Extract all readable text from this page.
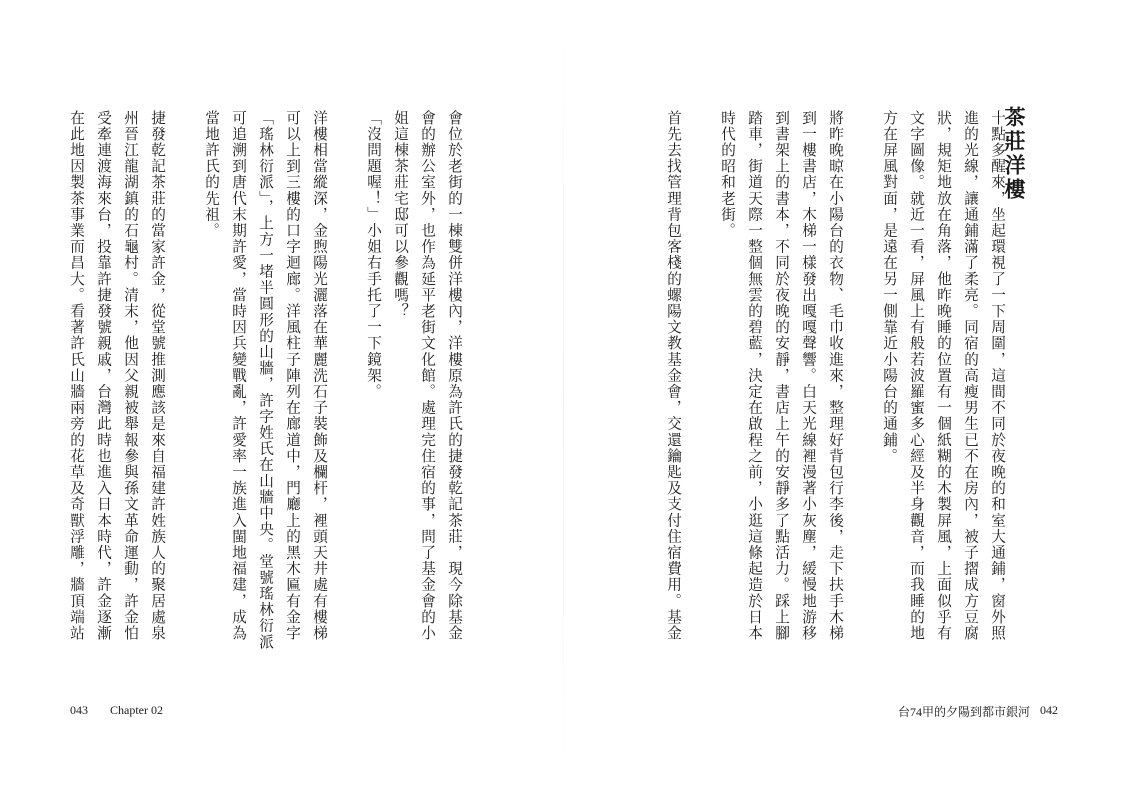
茶莊洋樓
十點多醒來，坐起環視了一下周圍，這間不同於夜晚的和室大通鋪，窗外照
進的光線，讓通鋪滿了柔亮。同宿的高瘦男生已不在房內，被子摺成方豆腐
狀，規矩地放在角落，他昨晚睡的位置有一個紙糊的木製屏風，上面似乎有
文字圖像。就近一看，屏風上有般若波羅蜜多心經及半身觀音，而我睡的地
方在屏風對面，是遠在另一側靠近小陽台的通鋪。
將昨晚晾在小陽台的衣物、毛巾收進來，整理好背包行李後，走下扶手木梯
到一樓書店，木梯一樣發出嘎嘎聲響。白天光線裡漫著小灰塵，緩慢地游移
到書架上的書本，不同於夜晚的安靜，書店上午的安靜多了點活力。踩上腳
踏車，街道天際一整個無雲的碧藍，決定在啟程之前，小逛這條起造於日本
時代的昭和老街。
首先去找管理背包客棧的螺陽文教基金會，交還鑰匙及支付住宿費用。基金
會位於老街的一棟雙併洋樓內，洋樓原為許氏的捷發乾記茶莊，現今除基金
會的辦公室外，也作為延平老街文化館。處理完住宿的事，問了基金會的小
姐這棟茶莊宅邸可以參觀嗎？
「沒問題喔！」小姐右手托了一下鏡架。
洋樓相當縱深，金煦陽光灑落在華麗洗石子裝飾及欄杆，裡頭天井處有樓梯
可以上到三樓的口字迴廊。洋風柱子陣列在廊道中，門廳上的黑木匾有金字
「瑤林衍派」，上方一堵半圓形的山牆，許字姓氏在山牆中央。堂號瑤林衍派
可追溯到唐代末期許愛，當時因兵變戰亂，許愛率一族進入閩地福建，成為
當地許氏的先祖。
捷發乾記茶莊的當家許金，從堂號推測應該是來自福建許姓族人的聚居處泉
州晉江龍湖鎮的石龜村。清末，他因父親被舉報參與孫文革命運動，許金怕
受牽連渡海來台，投靠許捷發號親戚，台灣此時也進入日本時代，許金逐漸
在此地因製茶事業而昌大。看著許氏山牆兩旁的花草及奇獸浮雕，牆頂端站
043 Chapter 02	台74甲的夕陽到都市銀河 042
